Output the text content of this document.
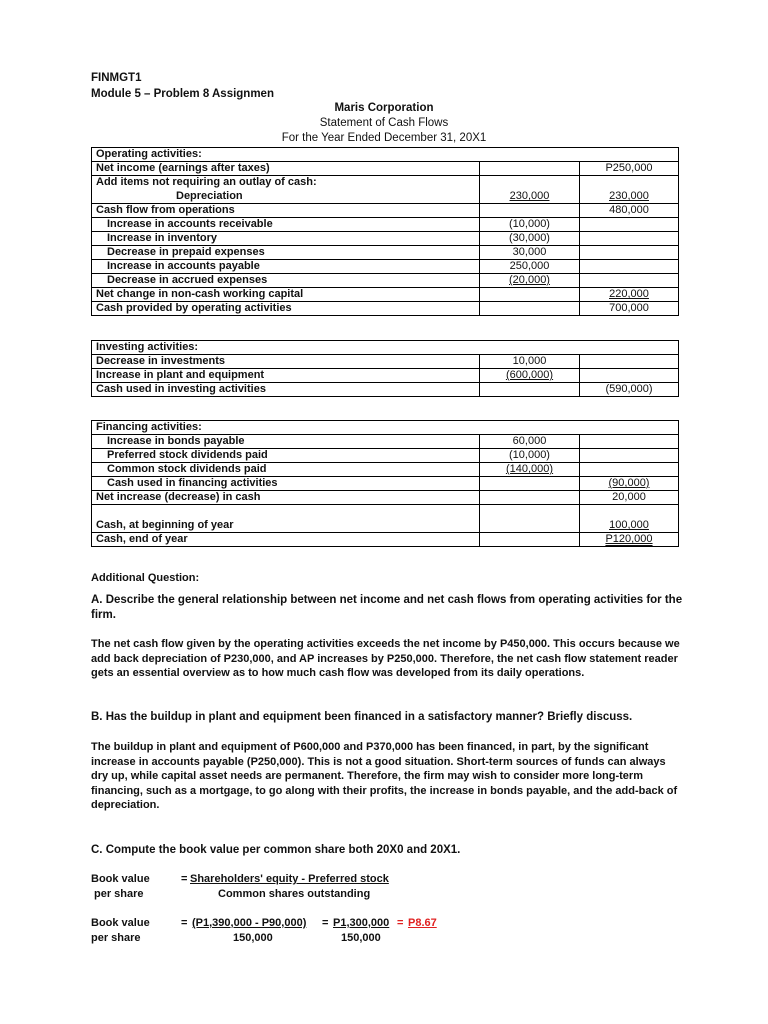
FINMGT1
Module 5 – Problem 8 Assignmen
Maris Corporation
Statement of Cash Flows
For the Year Ended December 31, 20X1
Operating activities:		
Net income (earnings after taxes)		P250,000

Add items not requiring an outlay of cash:
Depreciation	230,000	230,000
Cash flow from operations		480,000
Increase in accounts receivable	(10,000)	
Increase in inventory	(30,000)	
Decrease in prepaid expenses	30,000	
Increase in accounts payable	250,000	
Decrease in accrued expenses	(20,000)	
Net change in non-cash working capital		220,000
Cash provided by operating activities		700,000
Investing activities:		
Decrease in investments	10,000	
Increase in plant and equipment	(600,000)	
Cash used in investing activities		(590,000)
Financing activities:		
Increase in bonds payable	60,000	
Preferred stock dividends paid	(10,000)	
Common stock dividends paid	(140,000)	
Cash used in financing activities		(90,000)
Net increase (decrease) in cash		20,000
Cash, at beginning of year		100,000
Cash, end of year		P120,000
Additional Question:
A. Describe the general relationship between net income and net cash flows from operating activities for the firm.
The net cash flow given by the operating activities exceeds the net income by P450,000. This occurs because we add back depreciation of P230,000, and AP increases by P250,000. Therefore, the net cash flow statement reader gets an essential overview as to how much cash flow was developed from its daily operations.
B. Has the buildup in plant and equipment been financed in a satisfactory manner? Briefly discuss.
The buildup in plant and equipment of P600,000 and P370,000 has been financed, in part, by the significant increase in accounts payable (P250,000). This is not a good situation. Short-term sources of funds can always dry up, while capital asset needs are permanent. Therefore, the firm may wish to consider more long-term financing, such as a mortgage, to go along with their profits, the increase in bonds payable, and the add-back of depreciation.
C. Compute the book value per common share both 20X0 and 20X1.
Book value
per share
= Shareholders' equity - Preferred stock
Common shares outstanding
Book value
per share
= (P1,390,000 - P90,000) = P1,300,000 = P8.67
150,000	150,000
